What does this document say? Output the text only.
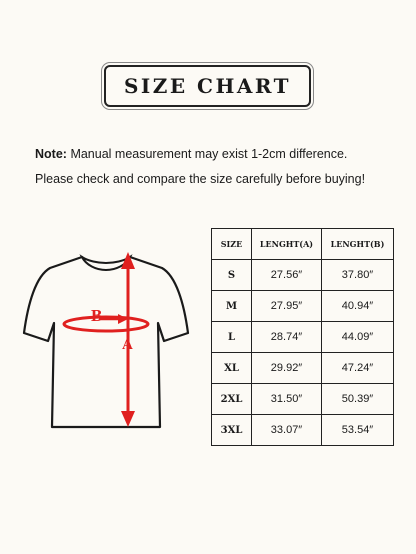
SIZE CHART
Note: Manual measurement may exist 1-2cm difference.
Please check and compare the size carefully before buying!
B
A
SIZE	LENGHT(A)	LENGHT(B)
S	27.56″	37.80″
M	27.95″	40.94″
L	28.74″	44.09″
XL	29.92″	47.24″
2XL	31.50″	50.39″
3XL	33.07″	53.54″
